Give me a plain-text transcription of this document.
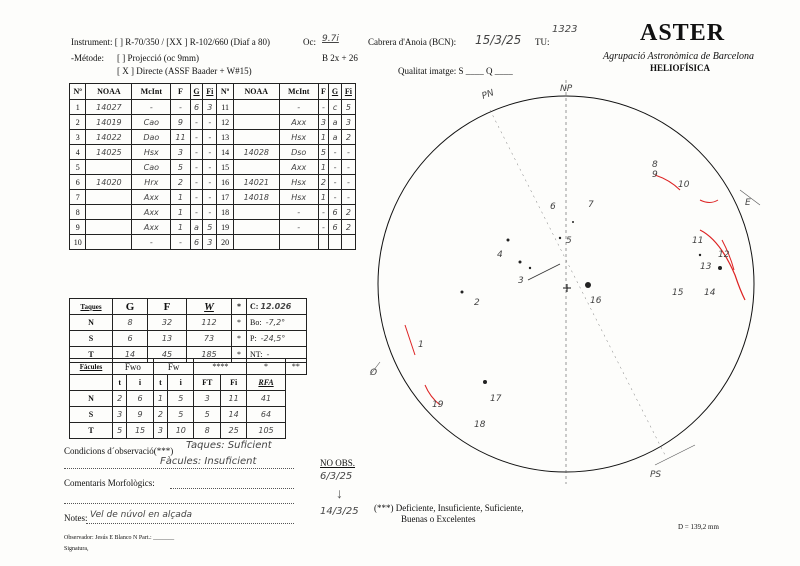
Instrument: [ ] R-70/350 / [XX ] R-102/660 (Diaf a 80)	Oc: 9.7i	Cabrera d'Anoia (BCN): 15/3/25 TU:
1323
-Métode: [ ] Projecció (oc 9mm)	B 2x + 26
[ X ] Directe (ASSF Baader + W#15)	Qualitat imatge: S ____ Q ____
ASTER
Agrupació Astronòmica de Barcelona
HELIOFÍSICA
Nº	NOAA	McInt	F	G	Fi	Nº	NOAA	McInt	F	G	Fi
1	14027	-	-	6	3	11		-	-	c	5
2	14019	Cao	9	-	-	12		Axx	3	a	3
3	14022	Dao	11	-	-	13		Hsx	1	a	2
4	14025	Hsx	3	-	-	14	14028	Dso	5	-	-
5		Cao	5	-	-	15		Axx	1	-	-
6	14020	Hrx	2	-	-	16	14021	Hsx	2	-	-
7		Axx	1	-	-	17	14018	Hsx	1	-	-
8		Axx	1	-	-	18		-	-	6	2
9		Axx	1	a	5	19		-	-	6	2
10		-	-	6	3	20					
Taques	G	F	W	*	C: 12.026
N	8	32	112	*	Bo: -7,2°
S	6	13	73	*	P: -24,5°
T	14	45	185	*	NT: -
Fàcules	Fwo		Fw		****		*	**
	t	i	t	i	FT	Fi	RFA	
N	2	6	1	5	3	11	41	
S	3	9	2	5	5	14	64	
T	5	15	3	10	8	25	105	
Condicions d´observació(***) Taques: Suficient
Fàcules: Insuficient	NO OBS.
6/3/25
14/3/25
↓
Comentaris Morfològics:
Notes: Vel de núvol en alçada
Observador: Jesús E Blanco N Part.: _______
Signatura,
(***) Deficiente, Insuficiente, Suficiente,
Buenas o Excelentes
D = 139,2 mm
PN	NP
PS
E
O
1
2
3
4
5
6	7
8
9
10
11
12
13
14
15
16
17
18
19
